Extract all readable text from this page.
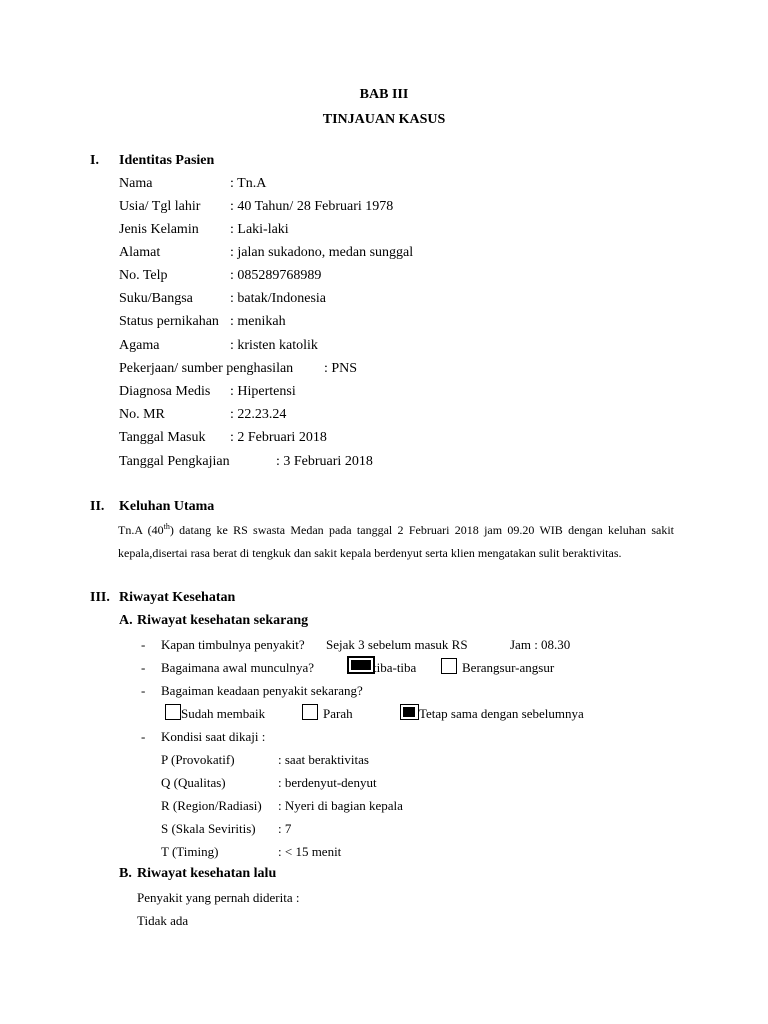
BAB III
TINJAUAN KASUS
I. Identitas Pasien
Nama	: Tn.A
Usia/ Tgl lahir : 40 Tahun/ 28 Februari 1978
Jenis Kelamin : Laki-laki
Alamat	: jalan sukadono, medan sunggal
No. Telp	: 085289768989
Suku/Bangsa	: batak/Indonesia
Status pernikahan : menikah
Agama	: kristen katolik
Pekerjaan/ sumber penghasilan : PNS
Diagnosa Medis : Hipertensi
No. MR	: 22.23.24
Tanggal Masuk : 2 Februari 2018
Tanggal Pengkajian	: 3 Februari 2018
II. Keluhan Utama
Tn.A (40th) datang ke RS swasta Medan pada tanggal 2 Februari 2018 jam 09.20 WIB dengan keluhan sakit kepala,disertai rasa berat di tengkuk dan sakit kepala berdenyut serta klien mengatakan sulit beraktivitas.
III. Riwayat Kesehatan
A. Riwayat kesehatan sekarang
- Kapan timbulnya penyakit? Sejak 3 sebelum masuk RS	Jam : 08.30
- Bagaimana awal munculnya?	tiba-tiba	Berangsur-angsur
- Bagaiman keadaan penyakit sekarang?
Sudah membaik	Parah	Tetap sama dengan sebelumnya
- Kondisi saat dikaji :
P (Provokatif)	: saat beraktivitas
Q (Qualitas)	: berdenyut-denyut
R (Region/Radiasi) : Nyeri di bagian kepala
S (Skala Seviritis) : 7
T (Timing)	: < 15 menit
B. Riwayat kesehatan lalu
Penyakit yang pernah diderita :
Tidak ada
